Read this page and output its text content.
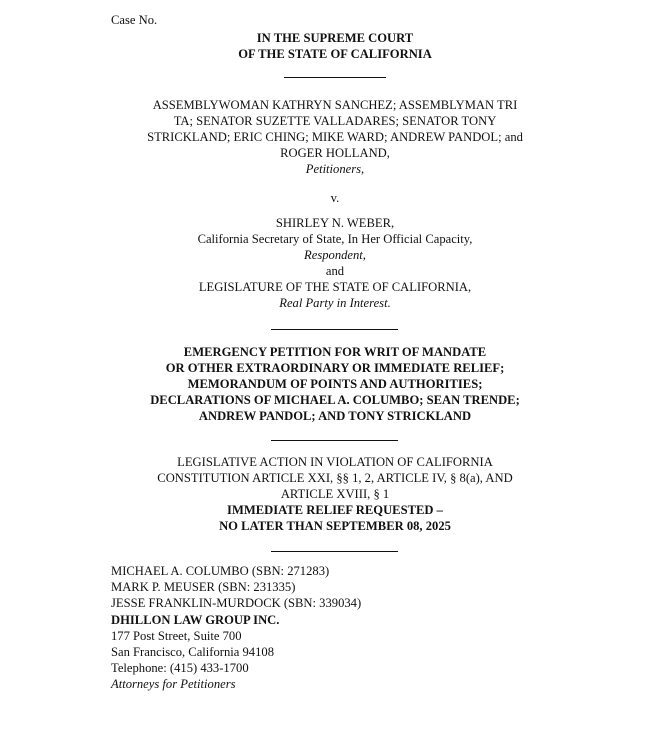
Case No.
IN THE SUPREME COURT
OF THE STATE OF CALIFORNIA
ASSEMBLYWOMAN KATHRYN SANCHEZ; ASSEMBLYMAN TRI
TA; SENATOR SUZETTE VALLADARES; SENATOR TONY
STRICKLAND; ERIC CHING; MIKE WARD; ANDREW PANDOL; and
ROGER HOLLAND,
Petitioners,
v.
SHIRLEY N. WEBER,
California Secretary of State, In Her Official Capacity,
Respondent,
and
LEGISLATURE OF THE STATE OF CALIFORNIA,
Real Party in Interest.
EMERGENCY PETITION FOR WRIT OF MANDATE
OR OTHER EXTRAORDINARY OR IMMEDIATE RELIEF;
MEMORANDUM OF POINTS AND AUTHORITIES;
DECLARATIONS OF MICHAEL A. COLUMBO; SEAN TRENDE;
ANDREW PANDOL; AND TONY STRICKLAND
LEGISLATIVE ACTION IN VIOLATION OF CALIFORNIA
CONSTITUTION ARTICLE XXI, §§ 1, 2, ARTICLE IV, § 8(a), AND
ARTICLE XVIII, § 1
IMMEDIATE RELIEF REQUESTED –
NO LATER THAN SEPTEMBER 08, 2025
MICHAEL A. COLUMBO (SBN: 271283)
MARK P. MEUSER (SBN: 231335)
JESSE FRANKLIN-MURDOCK (SBN: 339034)
DHILLON LAW GROUP INC.
177 Post Street, Suite 700
San Francisco, California 94108
Telephone: (415) 433-1700
Attorneys for Petitioners
